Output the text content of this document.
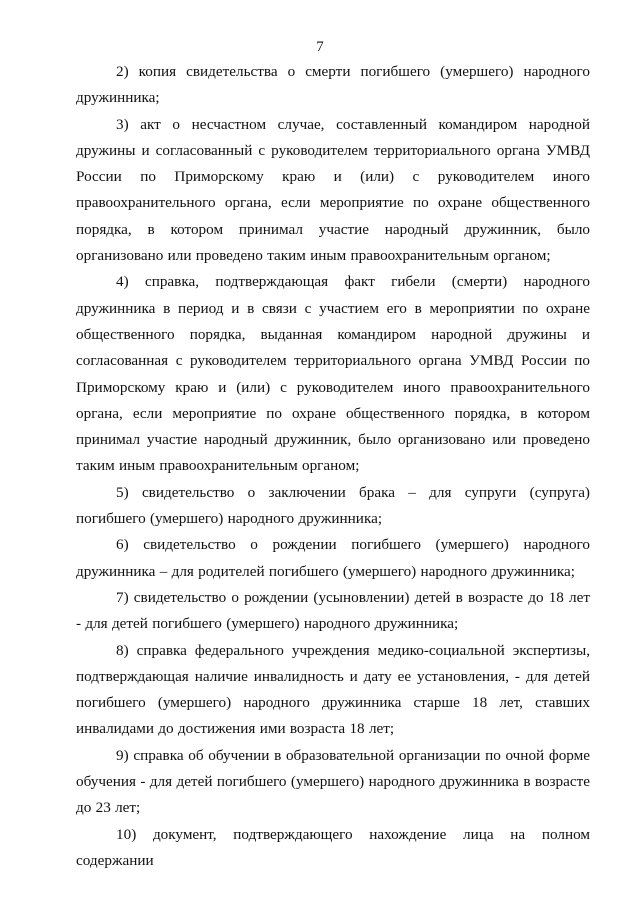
7

2) копия свидетельства о смерти погибшего (умершего) народного дружинника;

3) акт о несчастном случае, составленный командиром народной дружины и согласованный с руководителем территориального органа УМВД России по Приморскому краю и (или) с руководителем иного правоохранительного органа, если мероприятие по охране общественного порядка, в котором принимал участие народный дружинник, было организовано или проведено таким иным правоохранительным органом;

4) справка, подтверждающая факт гибели (смерти) народного дружинника в период и в связи с участием его в мероприятии по охране общественного порядка, выданная командиром народной дружины и согласованная с руководителем территориального органа УМВД России по Приморскому краю и (или) с руководителем иного правоохранительного органа, если мероприятие по охране общественного порядка, в котором принимал участие народный дружинник, было организовано или проведено таким иным правоохранительным органом;

5) свидетельство о заключении брака – для супруги (супруга) погибшего (умершего) народного дружинника;

6) свидетельство о рождении погибшего (умершего) народного дружинника – для родителей погибшего (умершего) народного дружинника;

7) свидетельство о рождении (усыновлении) детей в возрасте до 18 лет - для детей погибшего (умершего) народного дружинника;

8) справка федерального учреждения медико-социальной экспертизы, подтверждающая наличие инвалидность и дату ее установления, - для детей погибшего (умершего) народного дружинника старше 18 лет, ставших инвалидами до достижения ими возраста 18 лет;

9) справка об обучении в образовательной организации по очной форме обучения - для детей погибшего (умершего) народного дружинника в возрасте до 23 лет;

10) документ, подтверждающего нахождение лица на полном содержании
